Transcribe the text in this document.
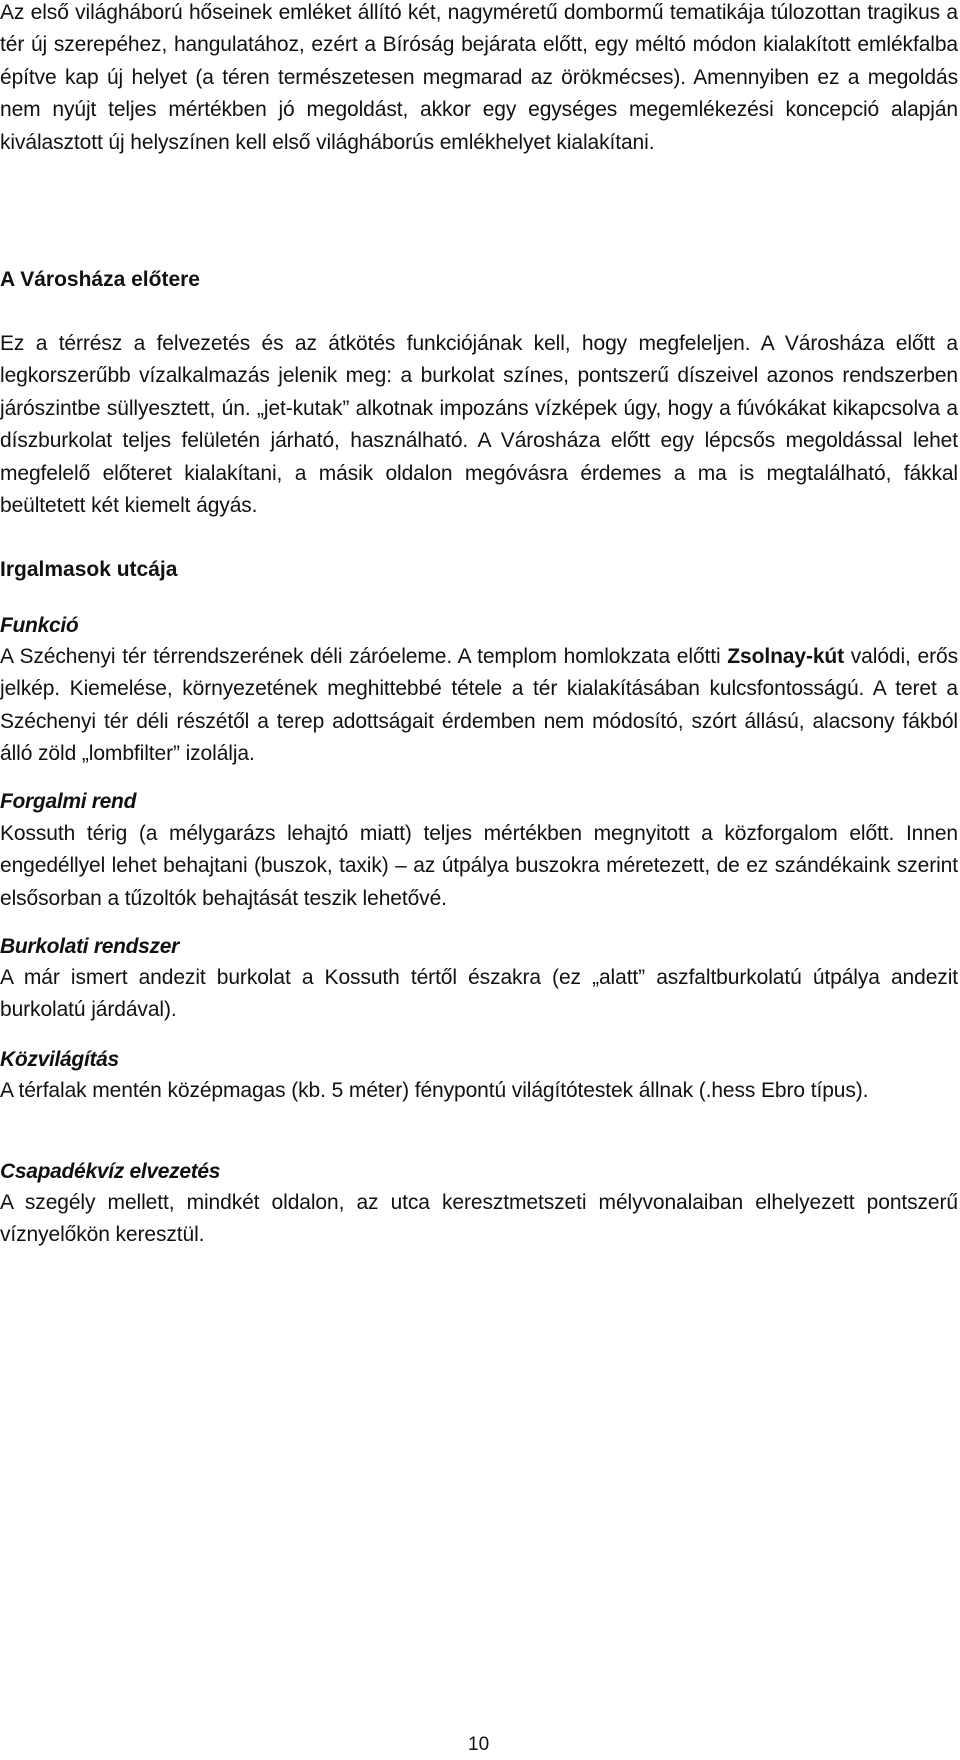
Az első világháború hőseinek emléket állító két, nagyméretű dombormű tematikája túlozottan tragikus a tér új szerepéhez, hangulatához, ezért a Bíróság bejárata előtt, egy méltó módon kialakított emlékfalba építve kap új helyet (a téren természetesen megmarad az örökmécses). Amennyiben ez a megoldás nem nyújt teljes mértékben jó megoldást, akkor egy egységes megemlékezési koncepció alapján kiválasztott új helyszínen kell első világháborús emlékhelyet kialakítani.

A Városháza előtere

Ez a térrész a felvezetés és az átkötés funkciójának kell, hogy megfeleljen. A Városháza előtt a legkorszerűbb vízalkalmazás jelenik meg: a burkolat színes, pontszerű díszeivel azonos rendszerben járószintbe süllyesztett, ún. „jet-kutak” alkotnak impozáns vízképek úgy, hogy a fúvókákat kikapcsolva a díszburkolat teljes felületén járható, használható. A Városháza előtt egy lépcsős megoldással lehet megfelelő előteret kialakítani, a másik oldalon megóvásra érdemes a ma is megtalálható, fákkal beültetett két kiemelt ágyás.

Irgalmasok utcája
Funkció

A Széchenyi tér térrendszerének déli záróeleme. A templom homlokzata előtti Zsolnay-kút valódi, erős jelkép. Kiemelése, környezetének meghittebbé tétele a tér kialakításában kulcsfontosságú. A teret a Széchenyi tér déli részétől a terep adottságait érdemben nem módosító, szórt állású, alacsony fákból álló zöld „lombfilter” izolálja.

Forgalmi rend

Kossuth térig (a mélygarázs lehajtó miatt) teljes mértékben megnyitott a közforgalom előtt. Innen engedéllyel lehet behajtani (buszok, taxik) – az útpálya buszokra méretezett, de ez szándékaink szerint elsősorban a tűzoltók behajtását teszik lehetővé.

Burkolati rendszer

A már ismert andezit burkolat a Kossuth tértől északra (ez „alatt” aszfaltburkolatú útpálya andezit burkolatú járdával).

Közvilágítás

A térfalak mentén középmagas (kb. 5 méter) fénypontú világítótestek állnak (.hess Ebro típus).

Csapadékvíz elvezetés

A szegély mellett, mindkét oldalon, az utca keresztmetszeti mélyvonalaiban elhelyezett pontszerű víznyelőkön keresztül.

10
